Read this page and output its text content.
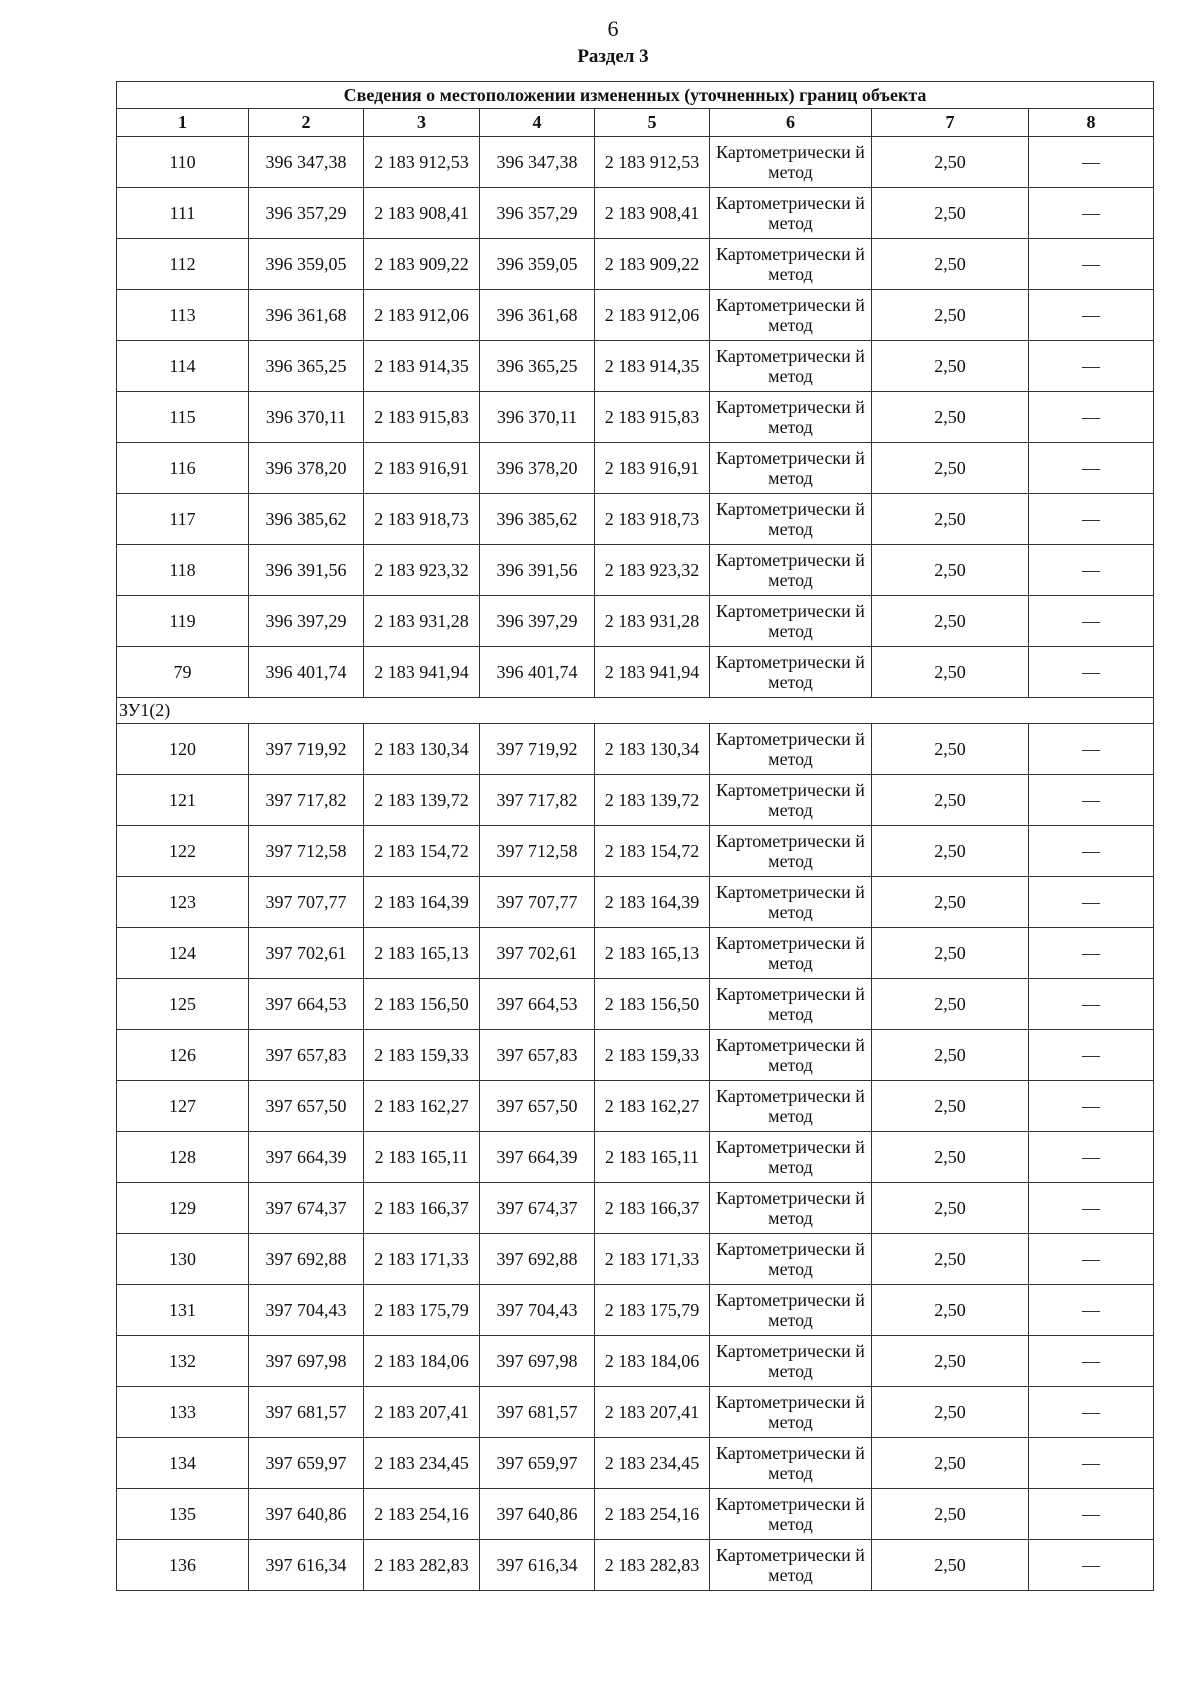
6
Раздел 3
Сведения о местоположении измененных (уточненных) границ объекта							
1	2	3	4	5	6	7	8
110	396 347,38	2 183 912,53	396 347,38	2 183 912,53	Картометрически й метод	2,50	—
111	396 357,29	2 183 908,41	396 357,29	2 183 908,41	Картометрически й метод	2,50	—
112	396 359,05	2 183 909,22	396 359,05	2 183 909,22	Картометрически й метод	2,50	—
113	396 361,68	2 183 912,06	396 361,68	2 183 912,06	Картометрически й метод	2,50	—
114	396 365,25	2 183 914,35	396 365,25	2 183 914,35	Картометрически й метод	2,50	—
115	396 370,11	2 183 915,83	396 370,11	2 183 915,83	Картометрически й метод	2,50	—
116	396 378,20	2 183 916,91	396 378,20	2 183 916,91	Картометрически й метод	2,50	—
117	396 385,62	2 183 918,73	396 385,62	2 183 918,73	Картометрически й метод	2,50	—
118	396 391,56	2 183 923,32	396 391,56	2 183 923,32	Картометрически й метод	2,50	—
119	396 397,29	2 183 931,28	396 397,29	2 183 931,28	Картометрически й метод	2,50	—
79	396 401,74	2 183 941,94	396 401,74	2 183 941,94	Картометрически й метод	2,50	—
ЗУ1(2)							
120	397 719,92	2 183 130,34	397 719,92	2 183 130,34	Картометрически й метод	2,50	—
121	397 717,82	2 183 139,72	397 717,82	2 183 139,72	Картометрически й метод	2,50	—
122	397 712,58	2 183 154,72	397 712,58	2 183 154,72	Картометрически й метод	2,50	—
123	397 707,77	2 183 164,39	397 707,77	2 183 164,39	Картометрически й метод	2,50	—
124	397 702,61	2 183 165,13	397 702,61	2 183 165,13	Картометрически й метод	2,50	—
125	397 664,53	2 183 156,50	397 664,53	2 183 156,50	Картометрически й метод	2,50	—
126	397 657,83	2 183 159,33	397 657,83	2 183 159,33	Картометрически й метод	2,50	—
127	397 657,50	2 183 162,27	397 657,50	2 183 162,27	Картометрически й метод	2,50	—
128	397 664,39	2 183 165,11	397 664,39	2 183 165,11	Картометрически й метод	2,50	—
129	397 674,37	2 183 166,37	397 674,37	2 183 166,37	Картометрически й метод	2,50	—
130	397 692,88	2 183 171,33	397 692,88	2 183 171,33	Картометрически й метод	2,50	—
131	397 704,43	2 183 175,79	397 704,43	2 183 175,79	Картометрически й метод	2,50	—
132	397 697,98	2 183 184,06	397 697,98	2 183 184,06	Картометрически й метод	2,50	—
133	397 681,57	2 183 207,41	397 681,57	2 183 207,41	Картометрически й метод	2,50	—
134	397 659,97	2 183 234,45	397 659,97	2 183 234,45	Картометрически й метод	2,50	—
135	397 640,86	2 183 254,16	397 640,86	2 183 254,16	Картометрически й метод	2,50	—
136	397 616,34	2 183 282,83	397 616,34	2 183 282,83	Картометрически й метод	2,50	—
